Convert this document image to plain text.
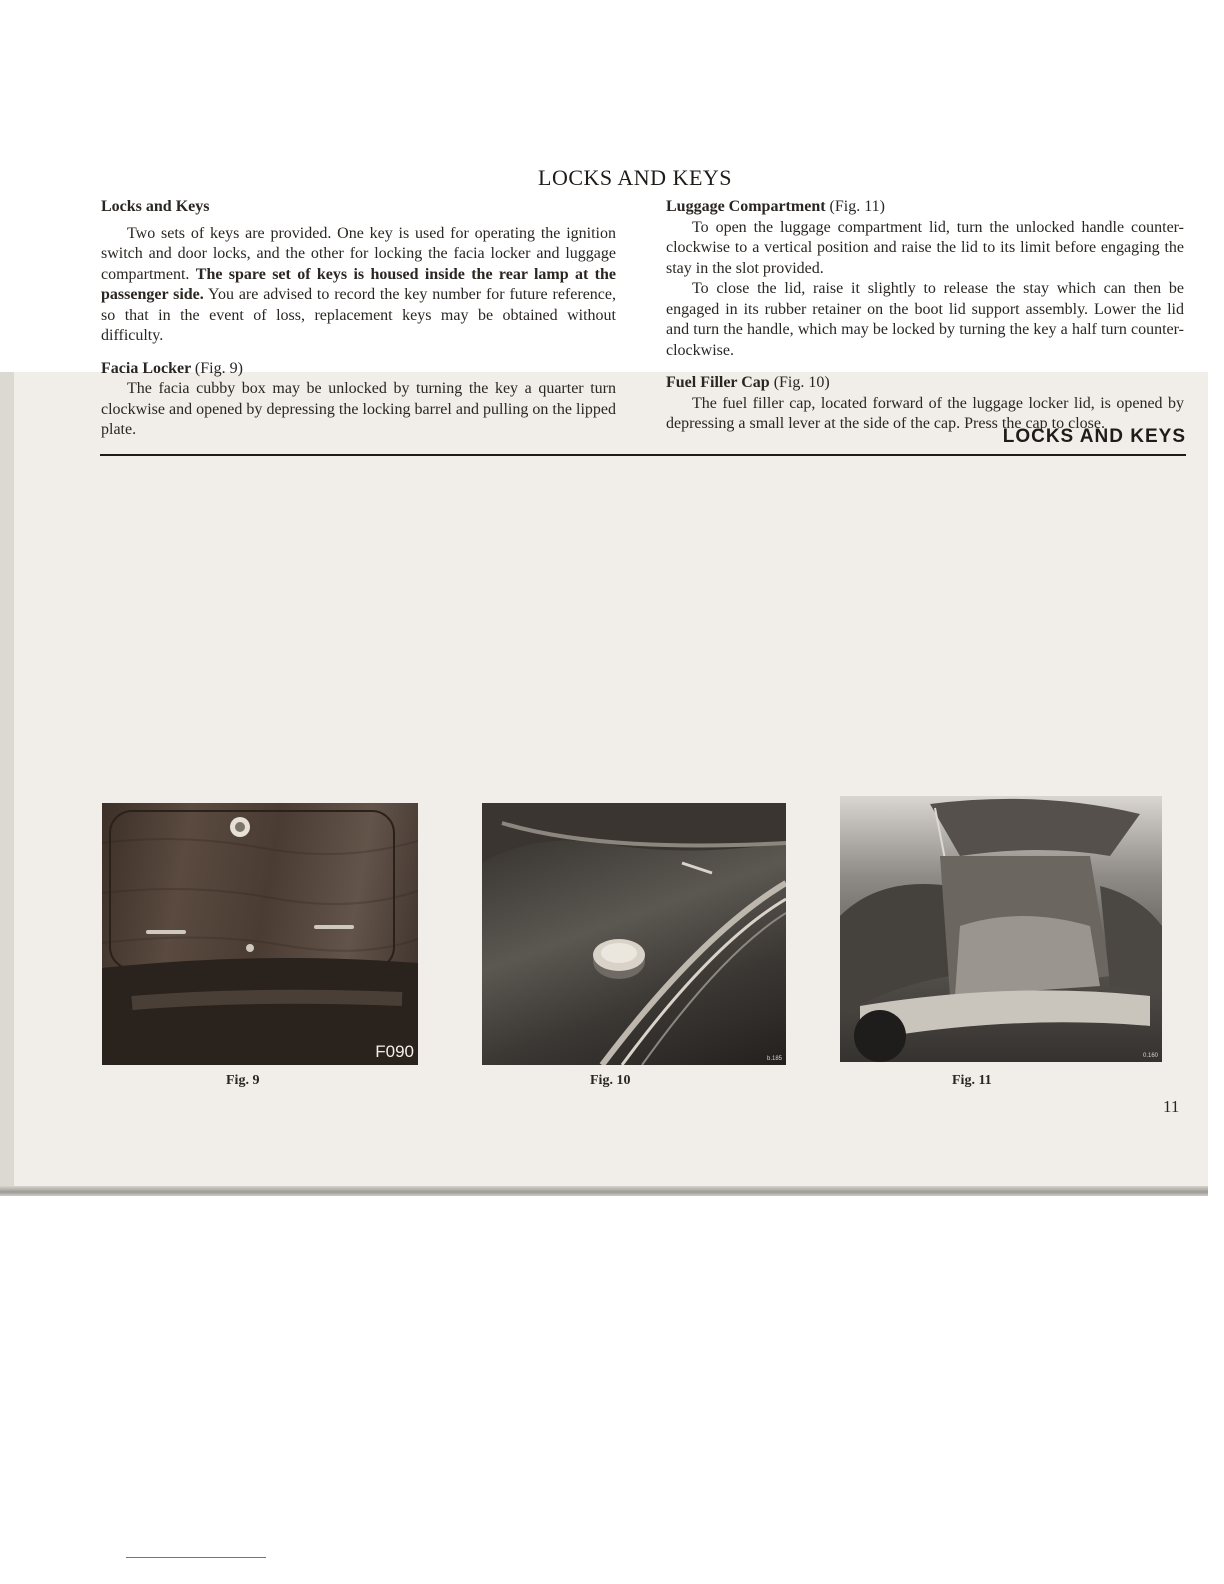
LOCKS AND KEYS
LOCKS AND KEYS

Locks and Keys

Two sets of keys are provided. One key is used for operating the ignition switch and door locks, and the other for locking the facia locker and luggage compartment. The spare set of keys is housed inside the rear lamp at the passenger side. You are advised to record the key number for future reference, so that in the event of loss, replacement keys may be obtained without difficulty.

Facia Locker (Fig. 9)

The facia cubby box may be unlocked by turning the key a quarter turn clockwise and opened by depressing the locking barrel and pulling on the lipped plate.

Luggage Compartment (Fig. 11)

To open the luggage compartment lid, turn the unlocked handle counter-clockwise to a vertical position and raise the lid to its limit before engaging the stay in the slot provided.

To close the lid, raise it slightly to release the stay which can then be engaged in its rubber retainer on the boot lid support assembly. Lower the lid and turn the handle, which may be locked by turning the key a half turn counter-clockwise.

Fuel Filler Cap (Fig. 10)

The fuel filler cap, located forward of the luggage locker lid, is opened by depressing a small lever at the side of the cap. Press the cap to close.

F090	b.185	0.160
Fig. 9	Fig. 10	Fig. 11
11
